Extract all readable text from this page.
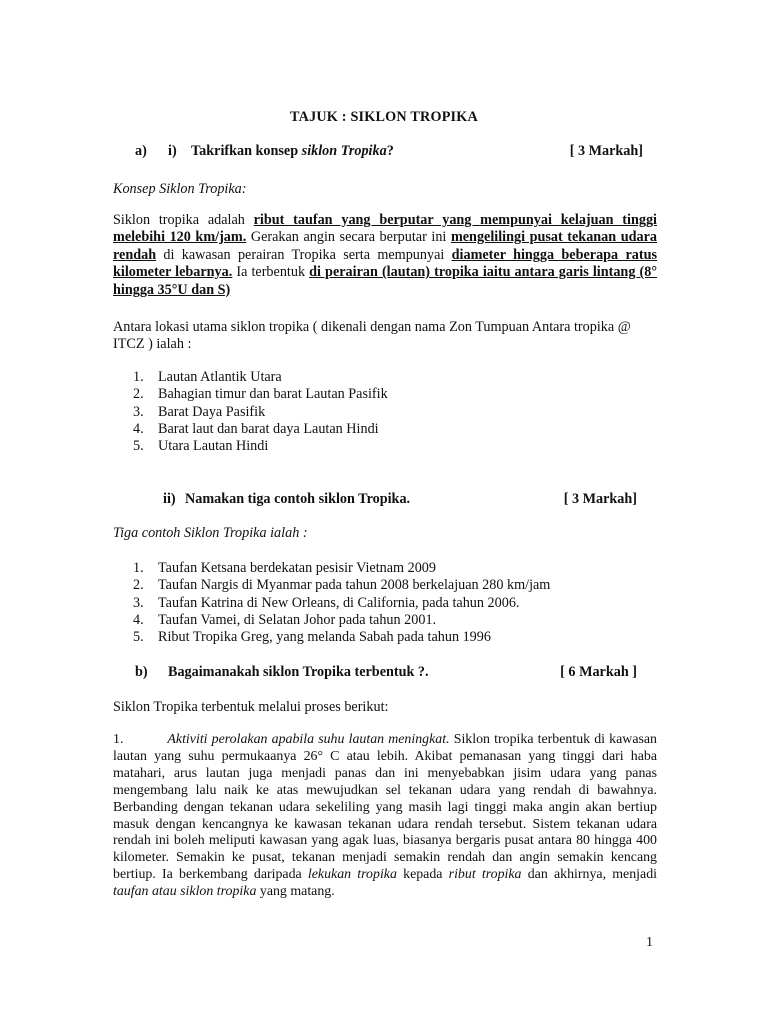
TAJUK : SIKLON TROPIKA
a) i) Takrifkan konsep siklon Tropika?	[ 3 Markah]
Konsep Siklon Tropika:

Siklon tropika adalah ribut taufan yang berputar yang mempunyai kelajuan tinggi melebihi 120 km/jam. Gerakan angin secara berputar ini mengelilingi pusat tekanan udara rendah di kawasan perairan Tropika serta mempunyai diameter hingga beberapa ratus kilometer lebarnya. Ia terbentuk di perairan (lautan) tropika iaitu antara garis lintang (8° hingga 35°U dan S)

Antara lokasi utama siklon tropika ( dikenali dengan nama Zon Tumpuan Antara tropika @ ITCZ ) ialah :
1. Lautan Atlantik Utara
2. Bahagian timur dan barat Lautan Pasifik
3. Barat Daya Pasifik
4. Barat laut dan barat daya Lautan Hindi
5. Utara Lautan Hindi
ii) Namakan tiga contoh siklon Tropika.	[ 3 Markah]
Tiga contoh Siklon Tropika ialah :
1. Taufan Ketsana berdekatan pesisir Vietnam 2009
2. Taufan Nargis di Myanmar pada tahun 2008 berkelajuan 280 km/jam
3. Taufan Katrina di New Orleans, di California, pada tahun 2006.
4. Taufan Vamei, di Selatan Johor pada tahun 2001.
5. Ribut Tropika Greg, yang melanda Sabah pada tahun 1996
b) Bagaimanakah siklon Tropika terbentuk ?.	[ 6 Markah ]
Siklon Tropika terbentuk melalui proses berikut:

1.	Aktiviti perolakan apabila suhu lautan meningkat. Siklon tropika terbentuk di kawasan lautan yang suhu permukaanya 26° C atau lebih. Akibat pemanasan yang tinggi dari haba matahari, arus lautan juga menjadi panas dan ini menyebabkan jisim udara yang panas mengembang lalu naik ke atas mewujudkan sel tekanan udara yang rendah di bawahnya. Berbanding dengan tekanan udara sekeliling yang masih lagi tinggi maka angin akan bertiup masuk dengan kencangnya ke kawasan tekanan udara rendah tersebut. Sistem tekanan udara rendah ini boleh meliputi kawasan yang agak luas, biasanya bergaris pusat antara 80 hingga 400 kilometer. Semakin ke pusat, tekanan menjadi semakin rendah dan angin semakin kencang bertiup. Ia berkembang daripada lekukan tropika kepada ribut tropika dan akhirnya, menjadi taufan atau siklon tropika yang matang.

1
